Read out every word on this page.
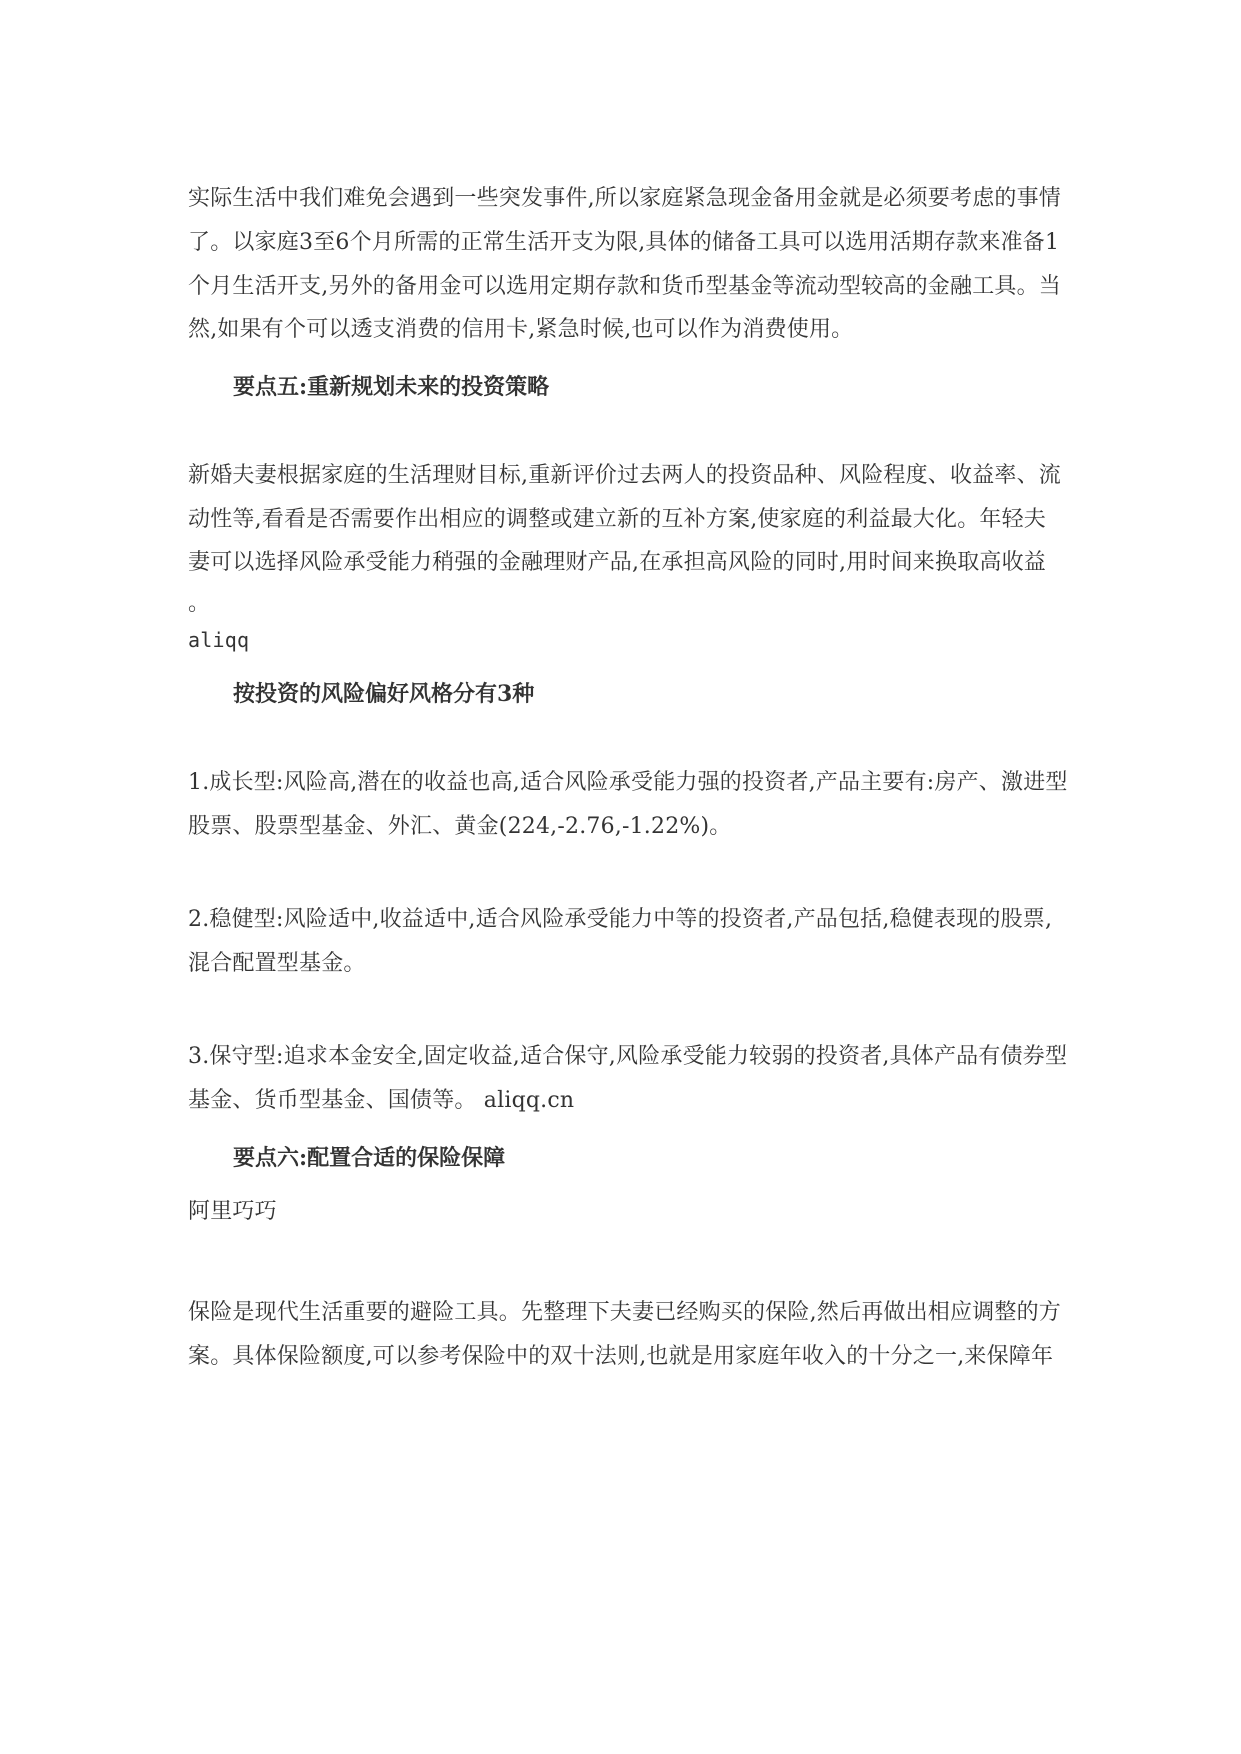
实际生活中我们难免会遇到一些突发事件,所以家庭紧急现金备用金就是必须要考虑的事情
了。以家庭3至6个月所需的正常生活开支为限,具体的储备工具可以选用活期存款来准备1
个月生活开支,另外的备用金可以选用定期存款和货币型基金等流动型较高的金融工具。当
然,如果有个可以透支消费的信用卡,紧急时候,也可以作为消费使用。
要点五:重新规划未来的投资策略
新婚夫妻根据家庭的生活理财目标,重新评价过去两人的投资品种、风险程度、收益率、流
动性等,看看是否需要作出相应的调整或建立新的互补方案,使家庭的利益最大化。年轻夫
妻可以选择风险承受能力稍强的金融理财产品,在承担高风险的同时,用时间来换取高收益
。
aliqq
按投资的风险偏好风格分有3种
1.成长型:风险高,潜在的收益也高,适合风险承受能力强的投资者,产品主要有:房产、激进型
股票、股票型基金、外汇、黄金(224,-2.76,-1.22%)。
2.稳健型:风险适中,收益适中,适合风险承受能力中等的投资者,产品包括,稳健表现的股票,
混合配置型基金。
3.保守型:追求本金安全,固定收益,适合保守,风险承受能力较弱的投资者,具体产品有债券型
基金、货币型基金、国债等。 aliqq.cn
要点六:配置合适的保险保障
阿里巧巧
保险是现代生活重要的避险工具。先整理下夫妻已经购买的保险,然后再做出相应调整的方
案。具体保险额度,可以参考保险中的双十法则,也就是用家庭年收入的十分之一,来保障年
